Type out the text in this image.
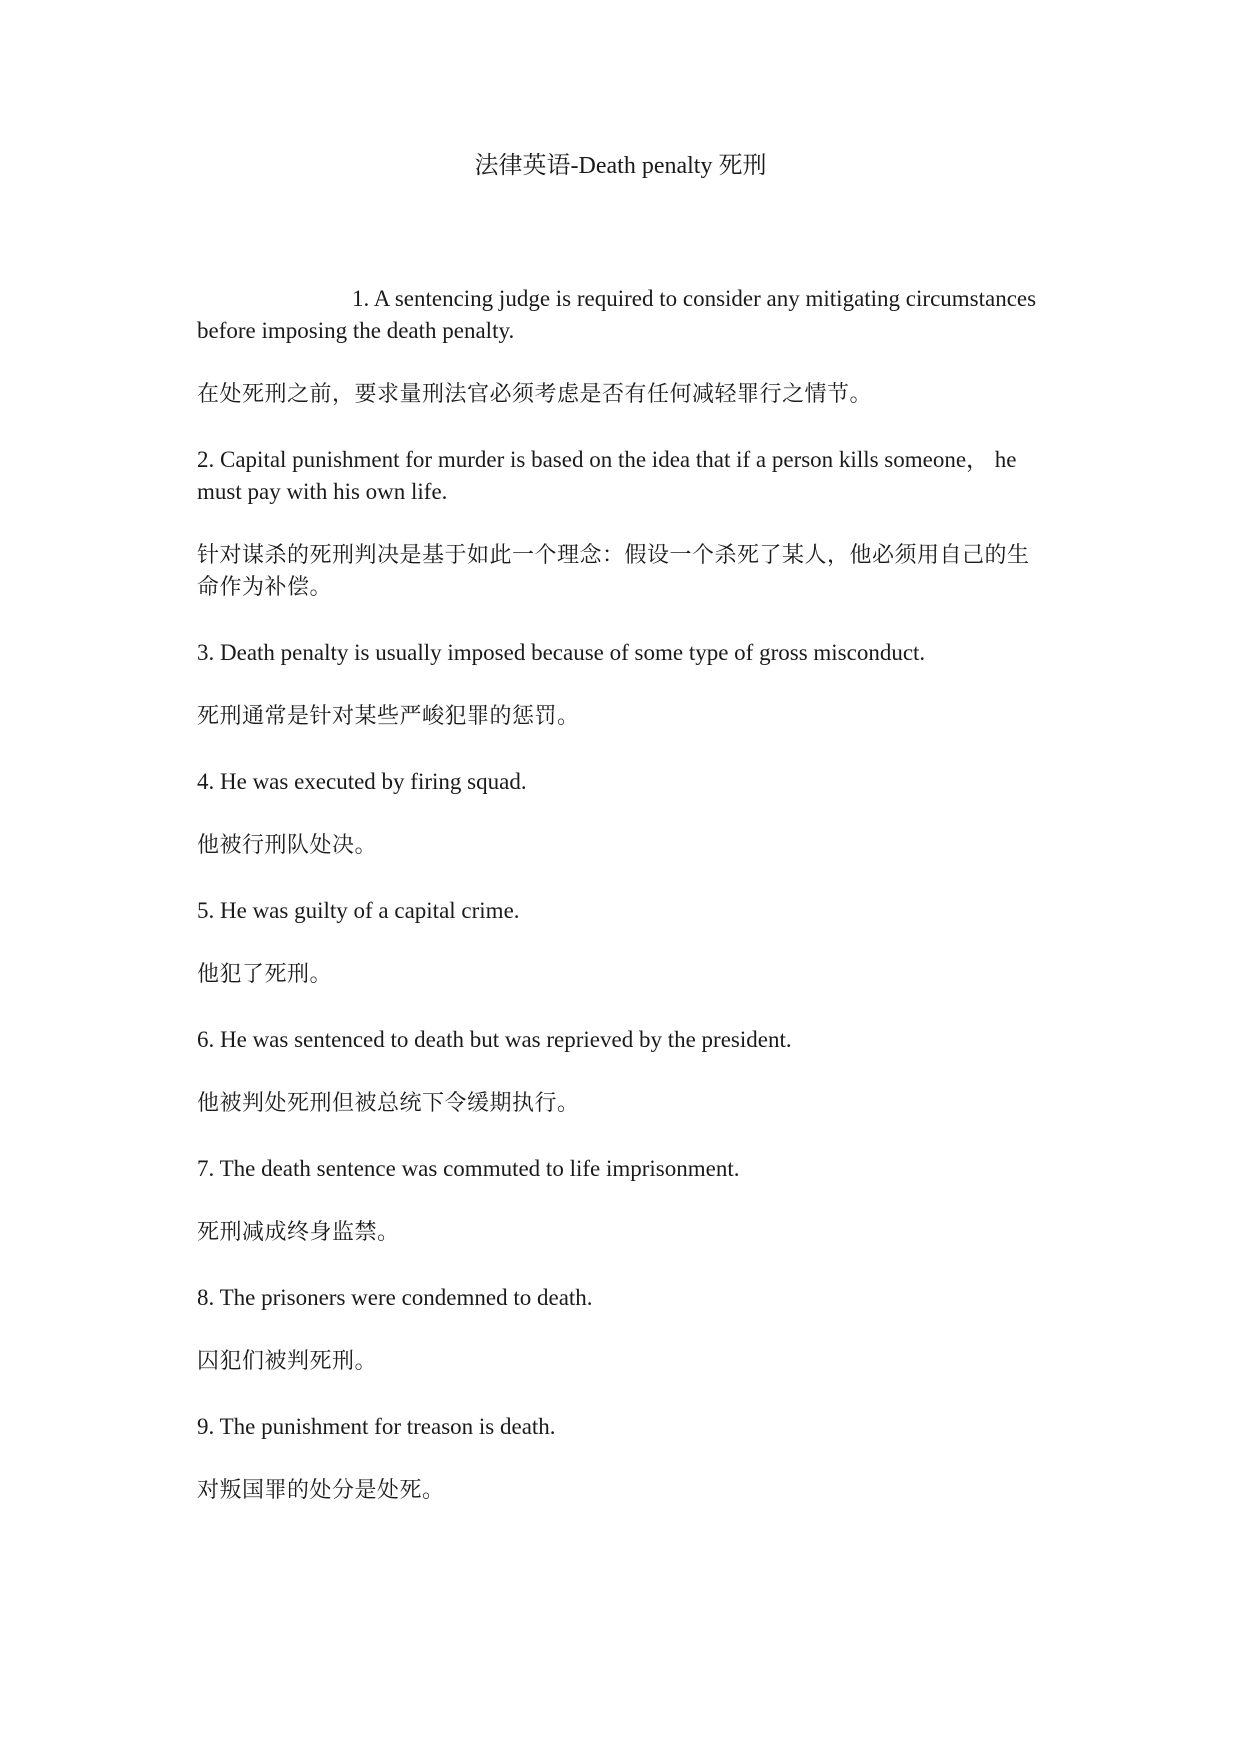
法律英语-Death penalty 死刑

1. A sentencing judge is required to consider any mitigating circumstances before imposing the death penalty.

在处死刑之前，要求量刑法官必须考虑是否有任何减轻罪行之情节。

2. Capital punishment for murder is based on the idea that if a person kills someone， he must pay with his own life.

针对谋杀的死刑判决是基于如此一个理念：假设一个杀死了某人，他必须用自己的生命作为补偿。

3. Death penalty is usually imposed because of some type of gross misconduct.

死刑通常是针对某些严峻犯罪的惩罚。

4. He was executed by firing squad.

他被行刑队处决。

5. He was guilty of a capital crime.

他犯了死刑。

6. He was sentenced to death but was reprieved by the president.

他被判处死刑但被总统下令缓期执行。

7. The death sentence was commuted to life imprisonment.

死刑减成终身监禁。

8. The prisoners were condemned to death.

囚犯们被判死刑。

9. The punishment for treason is death.

对叛国罪的处分是处死。
